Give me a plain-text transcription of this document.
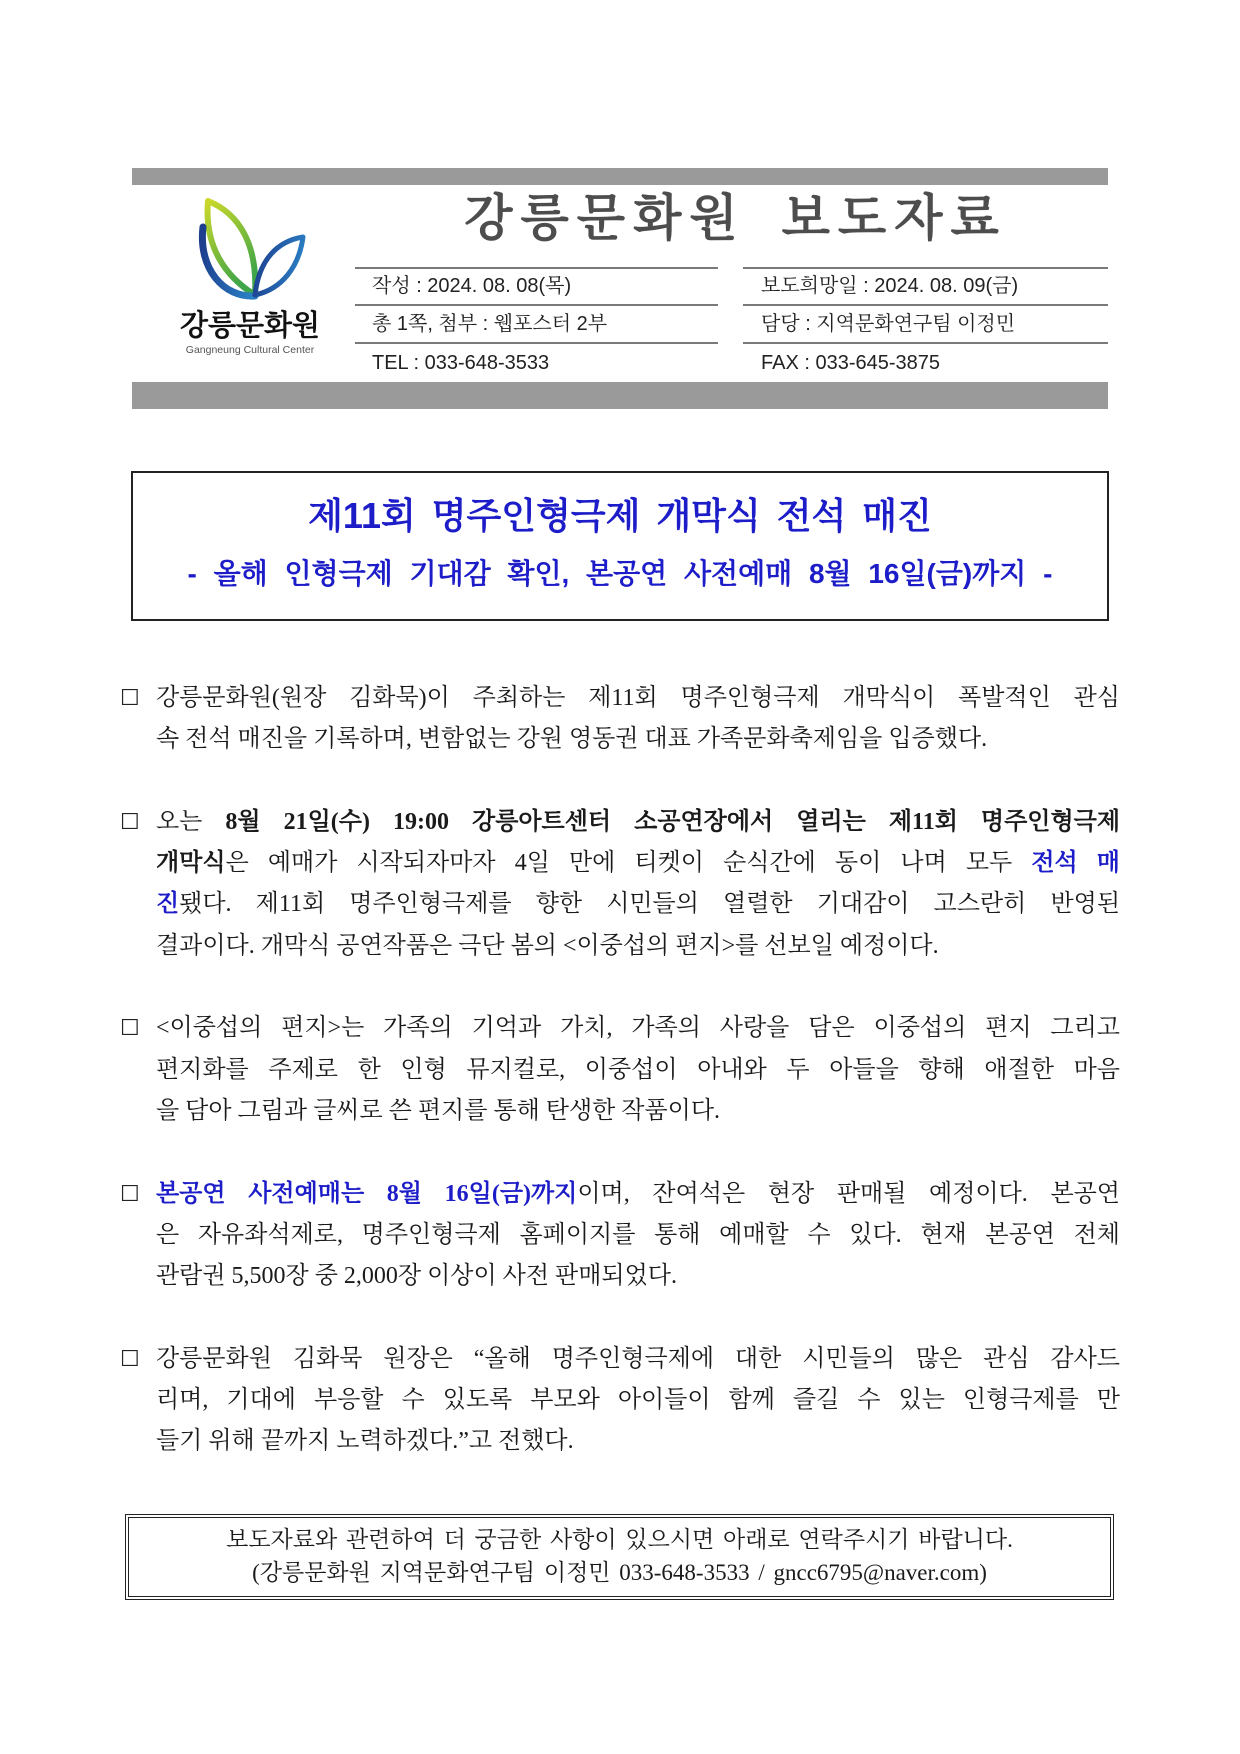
강릉문화원
Gangneung Cultural Center
강릉문화원 보도자료
작성 : 2024. 08. 08(목)
총 1쪽, 첨부 : 웹포스터 2부
TEL : 033-648-3533
보도희망일 : 2024. 08. 09(금)
담당 : 지역문화연구팀 이정민
FAX : 033-645-3875
제11회 명주인형극제 개막식 전석 매진
- 올해 인형극제 기대감 확인, 본공연 사전예매 8월 16일(금)까지 -
☐ 강릉문화원(원장 김화묵)이 주최하는 제11회 명주인형극제 개막식이 폭발적인 관심
속 전석 매진을 기록하며, 변함없는 강원 영동권 대표 가족문화축제임을 입증했다.
☐ 오는 8월 21일(수) 19:00 강릉아트센터 소공연장에서 열리는 제11회 명주인형극제
개막식은 예매가 시작되자마자 4일 만에 티켓이 순식간에 동이 나며 모두 전석 매
진됐다. 제11회 명주인형극제를 향한 시민들의 열렬한 기대감이 고스란히 반영된
결과이다. 개막식 공연작품은 극단 봄의 <이중섭의 편지>를 선보일 예정이다.
☐ <이중섭의 편지>는 가족의 기억과 가치, 가족의 사랑을 담은 이중섭의 편지 그리고
편지화를 주제로 한 인형 뮤지컬로, 이중섭이 아내와 두 아들을 향해 애절한 마음
을 담아 그림과 글씨로 쓴 편지를 통해 탄생한 작품이다.
☐ 본공연 사전예매는 8월 16일(금)까지이며, 잔여석은 현장 판매될 예정이다. 본공연
은 자유좌석제로, 명주인형극제 홈페이지를 통해 예매할 수 있다. 현재 본공연 전체
관람권 5,500장 중 2,000장 이상이 사전 판매되었다.
☐ 강릉문화원 김화묵 원장은 “올해 명주인형극제에 대한 시민들의 많은 관심 감사드
리며, 기대에 부응할 수 있도록 부모와 아이들이 함께 즐길 수 있는 인형극제를 만
들기 위해 끝까지 노력하겠다.”고 전했다.
보도자료와 관련하여 더 궁금한 사항이 있으시면 아래로 연락주시기 바랍니다.
(강릉문화원 지역문화연구팀 이정민 033-648-3533 / gncc6795@naver.com)
